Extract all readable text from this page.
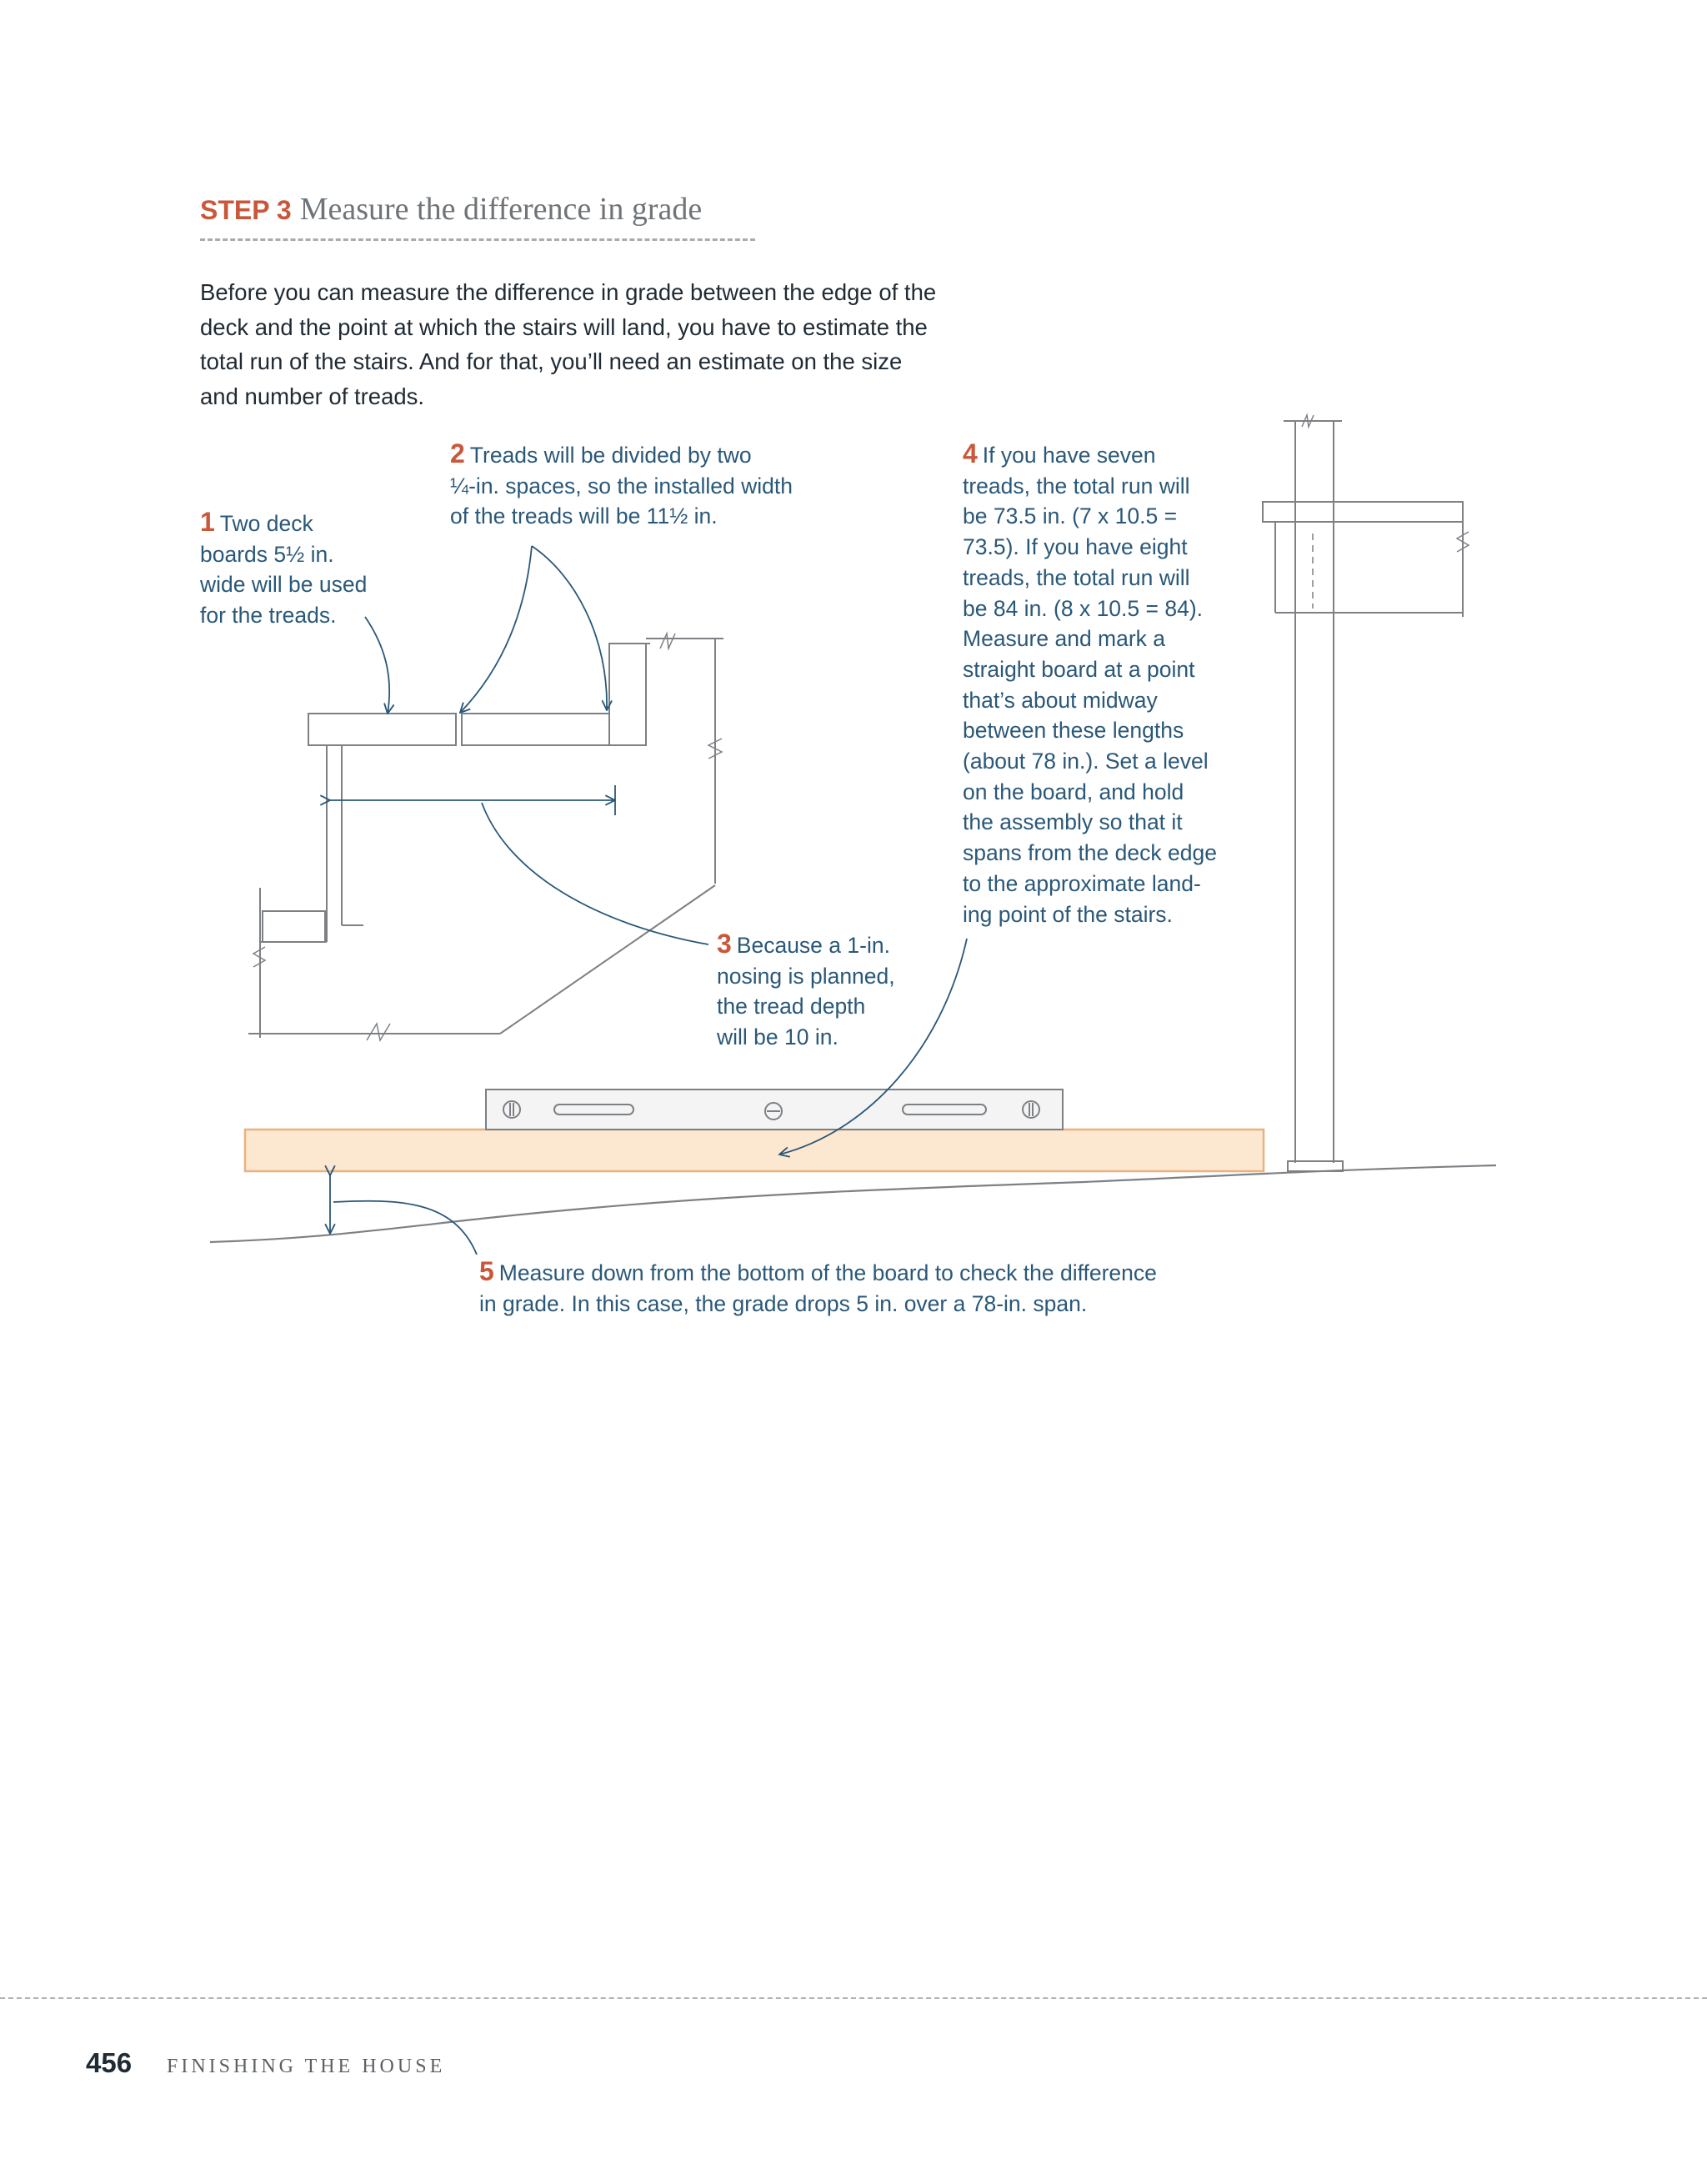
STEP 3 Measure the difference in grade
Before you can measure the difference in grade between the edge of the
deck and the point at which the stairs will land, you have to estimate the
total run of the stairs. And for that, you’ll need an estimate on the size
and number of treads.
1 Two deck
boards 5½ in.
wide will be used
for the treads.
2 Treads will be divided by two
¼-in. spaces, so the installed width
of the treads will be 11½ in.
3 Because a 1-in.
nosing is planned,
the tread depth
will be 10 in.
4 If you have seven
treads, the total run will
be 73.5 in. (7 x 10.5 =
73.5). If you have eight
treads, the total run will
be 84 in. (8 x 10.5 = 84).
Measure and mark a
straight board at a point
that’s about midway
between these lengths
(about 78 in.). Set a level
on the board, and hold
the assembly so that it
spans from the deck edge
to the approximate land-
ing point of the stairs.
5 Measure down from the bottom of the board to check the difference
in grade. In this case, the grade drops 5 in. over a 78-in. span.
456 FINISHING THE HOUSE
